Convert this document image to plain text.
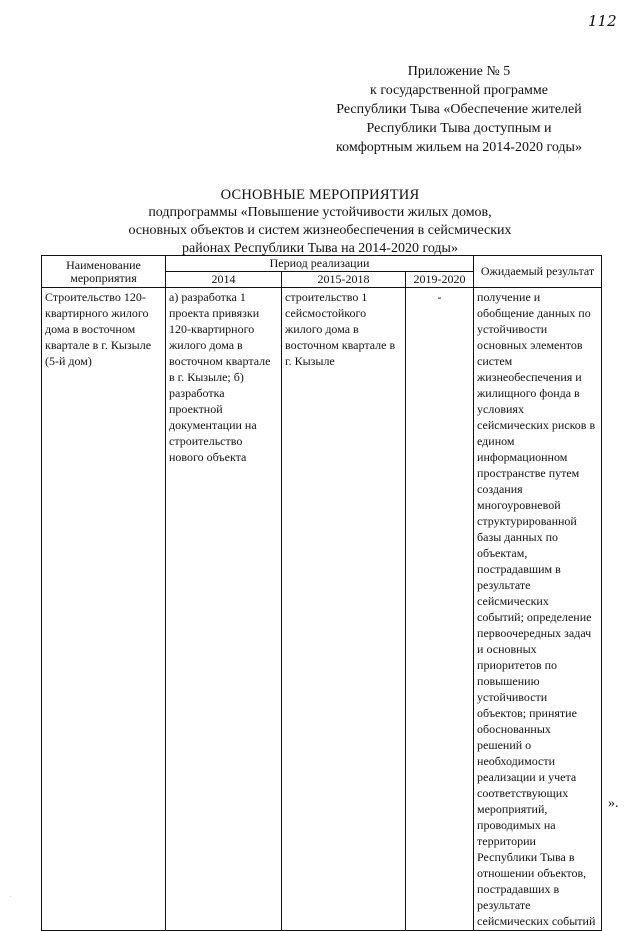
112
Приложение № 5
к государственной программе
Республики Тыва «Обеспечение жителей
Республики Тыва доступным и
комфортным жильем на 2014-2020 годы»
ОСНОВНЫЕ МЕРОПРИЯТИЯ
подпрограммы «Повышение устойчивости жилых домов,
основных объектов и систем жизнеобеспечения в сейсмических
районах Республики Тыва на 2014-2020 годы»
Наименование мероприятия	Период реализации			Ожидаемый результат
	2014	2015-2018	2019-2020	
Строительство 120-квартирного жилого дома в восточном квартале в г. Кызыле (5-й дом)	а) разработка 1 проекта привязки 120-квартирного жилого дома в восточном квартале в г. Кызыле; б) разработка проектной документации на строительство нового объекта	строительство 1 сейсмостойкого жилого дома в восточном квартале в г. Кызыле	-	получение и обобщение данных по устойчивости основных элементов систем жизнеобеспечения и жилищного фонда в условиях сейсмических рисков в едином информационном пространстве путем создания многоуровневой структурированной базы данных по объектам, пострадавшим в результате сейсмических событий; определение первоочередных задач и основных приоритетов по повышению устойчивости объектов; принятие обоснованных решений о необходимости реализации и учета соответствующих мероприятий, проводимых на территории Республики Тыва в отношении объектов, пострадавших в результате сейсмических событий
».
.
